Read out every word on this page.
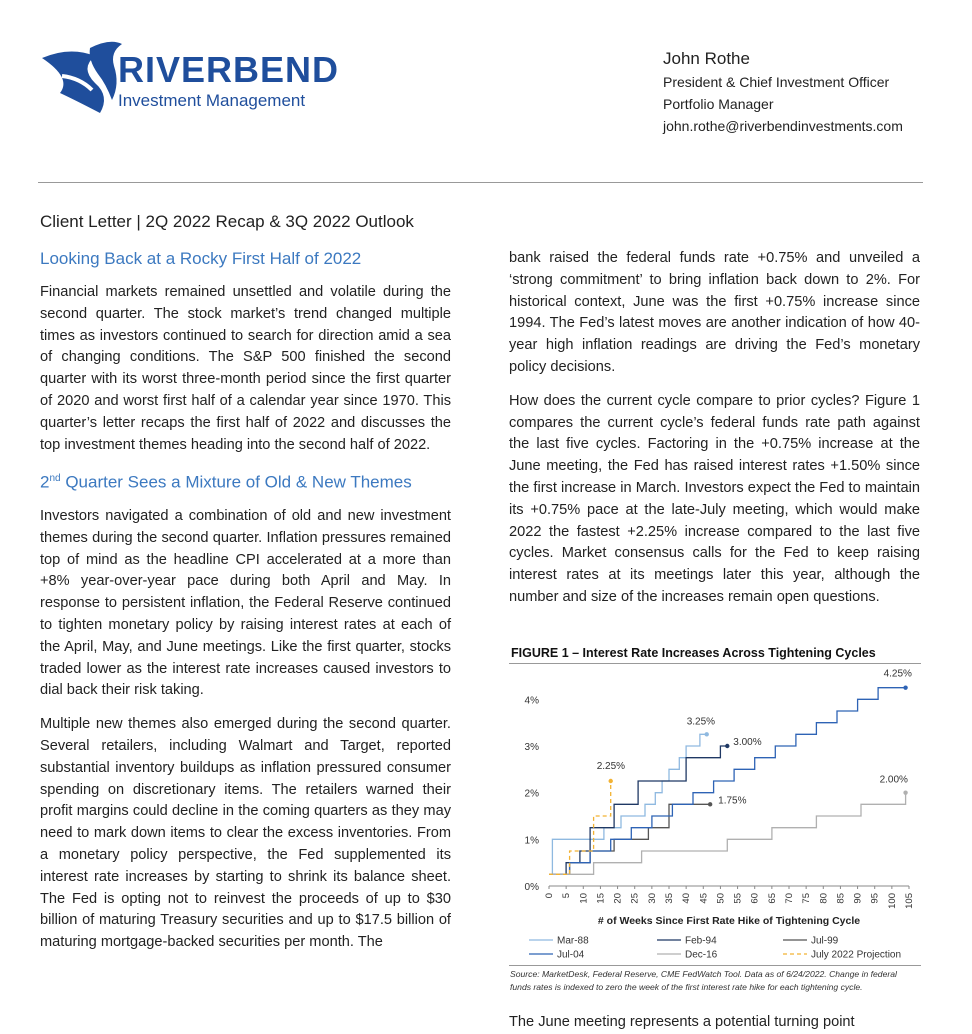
RIVERBEND
Investment Management
John Rothe
President & Chief Investment Officer
Portfolio Manager
john.rothe@riverbendinvestments.com
Client Letter | 2Q 2022 Recap & 3Q 2022 Outlook
Looking Back at a Rocky First Half of 2022

Financial markets remained unsettled and volatile during the second quarter. The stock market’s trend changed multiple times as investors continued to search for direction amid a sea of changing conditions. The S&P 500 finished the second quarter with its worst three-month period since the first quarter of 2020 and worst first half of a calendar year since 1970. This quarter’s letter recaps the first half of 2022 and discusses the top investment themes heading into the second half of 2022.

2nd Quarter Sees a Mixture of Old & New Themes

Investors navigated a combination of old and new investment themes during the second quarter. Inflation pressures remained top of mind as the headline CPI accelerated at a more than +8% year-over-year pace during both April and May. In response to persistent inflation, the Federal Reserve continued to tighten monetary policy by raising interest rates at each of the April, May, and June meetings. Like the first quarter, stocks traded lower as the interest rate increases caused investors to dial back their risk taking.

Multiple new themes also emerged during the second quarter. Several retailers, including Walmart and Target, reported substantial inventory buildups as inflation pressured consumer spending on discretionary items. The retailers warned their profit margins could decline in the coming quarters as they may need to mark down items to clear the excess inventories. From a monetary policy perspective, the Fed supplemented its interest rate increases by starting to shrink its balance sheet. The Fed is opting not to reinvest the proceeds of up to $30 billion of maturing Treasury securities and up to $17.5 billion of maturing mortgage-backed securities per month. The

bank raised the federal funds rate +0.75% and unveiled a ‘strong commitment’ to bring inflation back down to 2%. For historical context, June was the first +0.75% increase since 1994. The Fed’s latest moves are another indication of how 40-year high inflation readings are driving the Fed’s monetary policy decisions.

How does the current cycle compare to prior cycles? Figure 1 compares the current cycle’s federal funds rate path against the last five cycles. Factoring in the +0.75% increase at the June meeting, the Fed has raised interest rates +1.50% since the first increase in March. Investors expect the Fed to maintain its +0.75% pace at the late-July meeting, which would make 2022 the fastest +2.25% increase compared to the last five cycles. Market consensus calls for the Fed to keep raising interest rates at its meetings later this year, although the number and size of the increases remain open questions.

FIGURE 1 – Interest Rate Increases Across Tightening Cycles
0%
1%
2%
3%
4%
0 5 10 15 20 25 30 35 40 45 50 55 60 65 70 75 80 85 90 95 100 105
# of Weeks Since First Rate Hike of Tightening Cycle
3.25%
3.00%
1.75%
4.25%
2.00%
2.25%
Mar-88	Feb-94	Jul-99
Jul-04	Dec-16	July 2022 Projection
Source: MarketDesk, Federal Reserve, CME FedWatch Tool. Data as of 6/24/2022. Change in federal funds rates is indexed to zero the week of the first interest rate hike for each tightening cycle.
The June meeting represents a potential turning point
